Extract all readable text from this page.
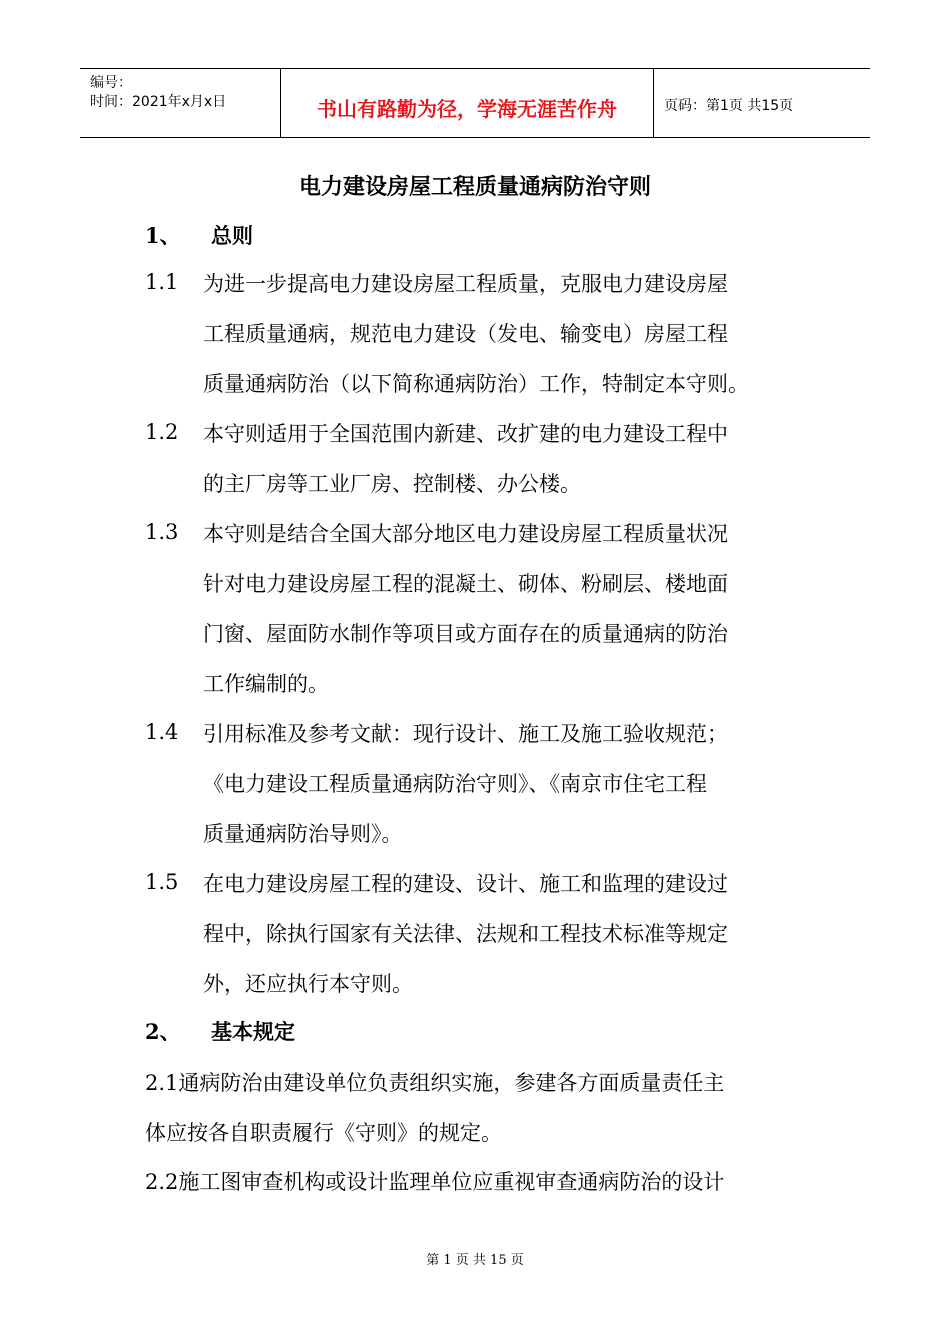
编号：
时间：2021年x月x日	书山有路勤为径，学海无涯苦作舟	页码：第1页 共15页
电力建设房屋工程质量通病防治守则
1、 总则
1.1 为进一步提高电力建设房屋工程质量，克服电力建设房屋
工程质量通病，规范电力建设（发电、输变电）房屋工程
质量通病防治（以下简称通病防治）工作，特制定本守则。
1.2 本守则适用于全国范围内新建、改扩建的电力建设工程中
的主厂房等工业厂房、控制楼、办公楼。
1.3 本守则是结合全国大部分地区电力建设房屋工程质量状况
针对电力建设房屋工程的混凝土、砌体、粉刷层、楼地面
门窗、屋面防水制作等项目或方面存在的质量通病的防治
工作编制的。
1.4 引用标准及参考文献：现行设计、施工及施工验收规范；
《电力建设工程质量通病防治守则》、《南京市住宅工程
质量通病防治导则》。
1.5 在电力建设房屋工程的建设、设计、施工和监理的建设过
程中，除执行国家有关法律、法规和工程技术标准等规定
外，还应执行本守则。
2、 基本规定
2.1通病防治由建设单位负责组织实施，参建各方面质量责任主
体应按各自职责履行《守则》的规定。
2.2施工图审查机构或设计监理单位应重视审查通病防治的设计
第 1 页 共 15 页
